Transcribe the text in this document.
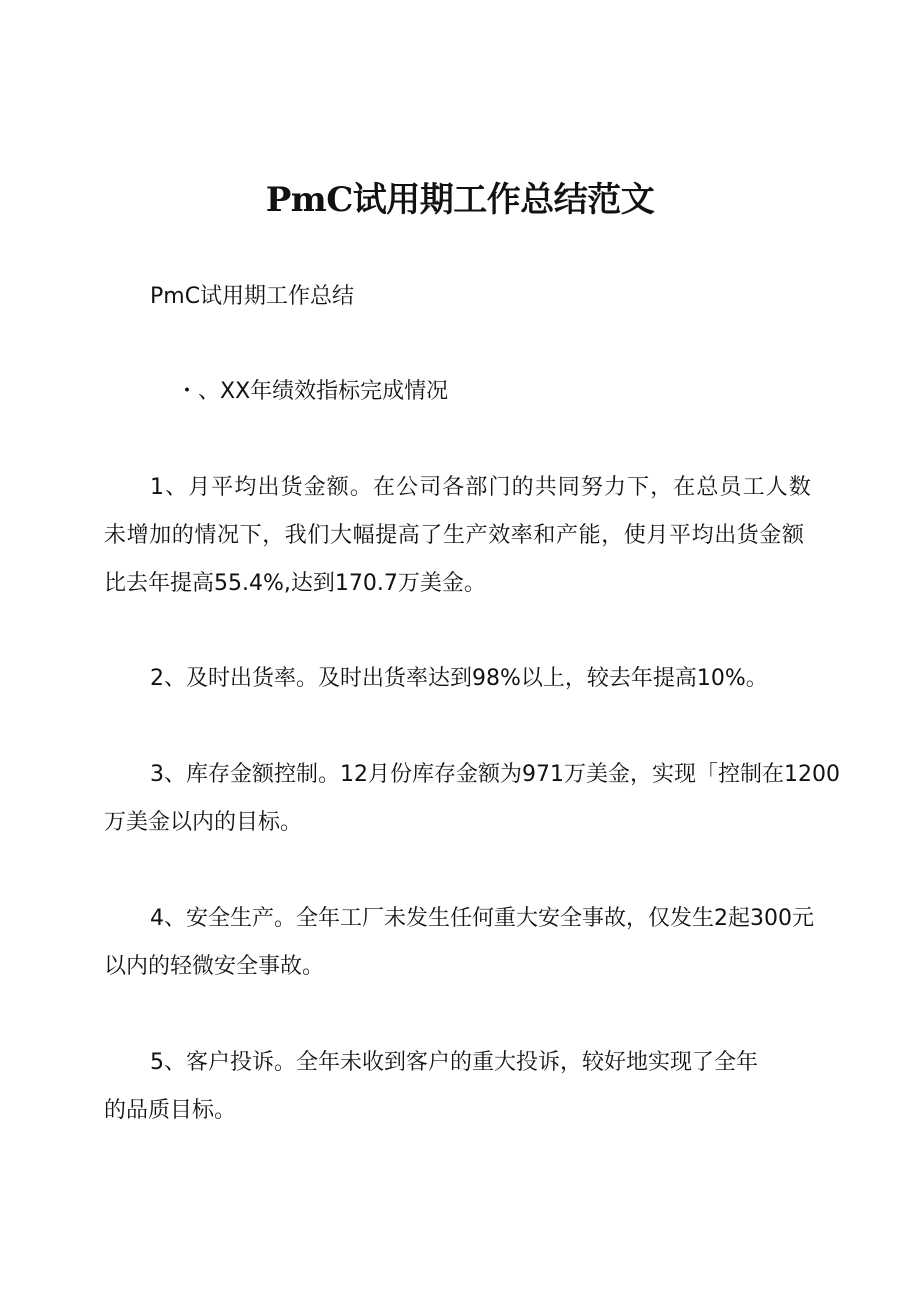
PmC试用期工作总结范文
PmC试用期工作总结
・、XX年绩效指标完成情况
1、月平均出货金额。在公司各部门的共同努力下，在总员工人数
未增加的情况下，我们大幅提高了生产效率和产能，使月平均出货金额
比去年提高55.4%,达到170.7万美金。
2、及时出货率。及时出货率达到98%以上，较去年提高10%。
3、库存金额控制。12月份库存金额为971万美金，实现「控制在1200
万美金以内的目标。
4、安全生产。全年工厂未发生任何重大安全事故，仅发生2起300元
以内的轻微安全事故。
5、客户投诉。全年未收到客户的重大投诉，较好地实现了全年
的品质目标。
